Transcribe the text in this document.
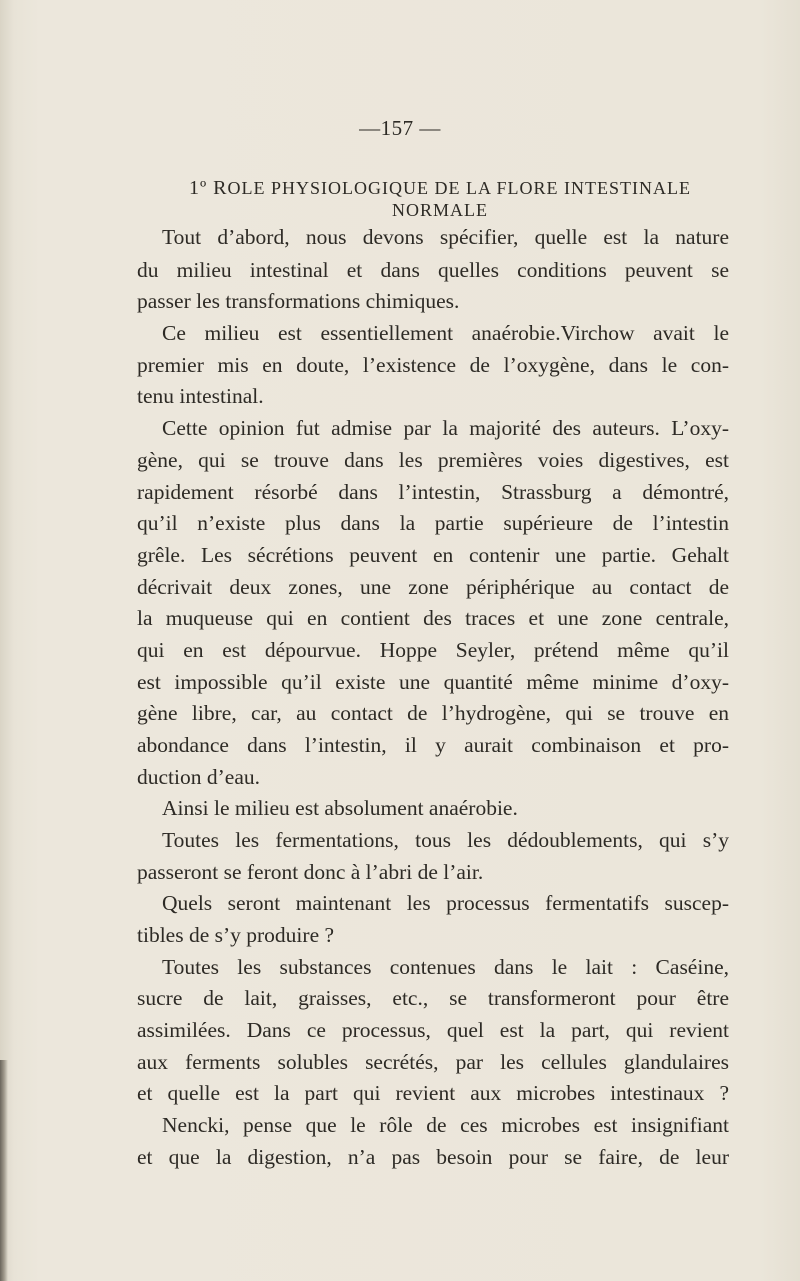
—157 —
1º ROLE PHYSIOLOGIQUE DE LA FLORE INTESTINALE NORMALE
Tout d’abord, nous devons spécifier, quelle est la nature
du milieu intestinal et dans quelles conditions peuvent se
passer les transformations chimiques.
Ce milieu est essentiellement anaérobie.Virchow avait le
premier mis en doute, l’existence de l’oxygène, dans le con-
tenu intestinal.
Cette opinion fut admise par la majorité des auteurs. L’oxy-
gène, qui se trouve dans les premières voies digestives, est
rapidement résorbé dans l’intestin, Strassburg a démontré,
qu’il n’existe plus dans la partie supérieure de l’intestin
grêle. Les sécrétions peuvent en contenir une partie. Gehalt
décrivait deux zones, une zone périphérique au contact de
la muqueuse qui en contient des traces et une zone centrale,
qui en est dépourvue. Hoppe Seyler, prétend même qu’il
est impossible qu’il existe une quantité même minime d’oxy-
gène libre, car, au contact de l’hydrogène, qui se trouve en
abondance dans l’intestin, il y aurait combinaison et pro-
duction d’eau.
Ainsi le milieu est absolument anaérobie.
Toutes les fermentations, tous les dédoublements, qui s’y
passeront se feront donc à l’abri de l’air.
Quels seront maintenant les processus fermentatifs suscep-
tibles de s’y produire ?
Toutes les substances contenues dans le lait : Caséine,
sucre de lait, graisses, etc., se transformeront pour être
assimilées. Dans ce processus, quel est la part, qui revient
aux ferments solubles secrétés, par les cellules glandulaires
et quelle est la part qui revient aux microbes intestinaux ?
Nencki, pense que le rôle de ces microbes est insignifiant
et que la digestion, n’a pas besoin pour se faire, de leur
